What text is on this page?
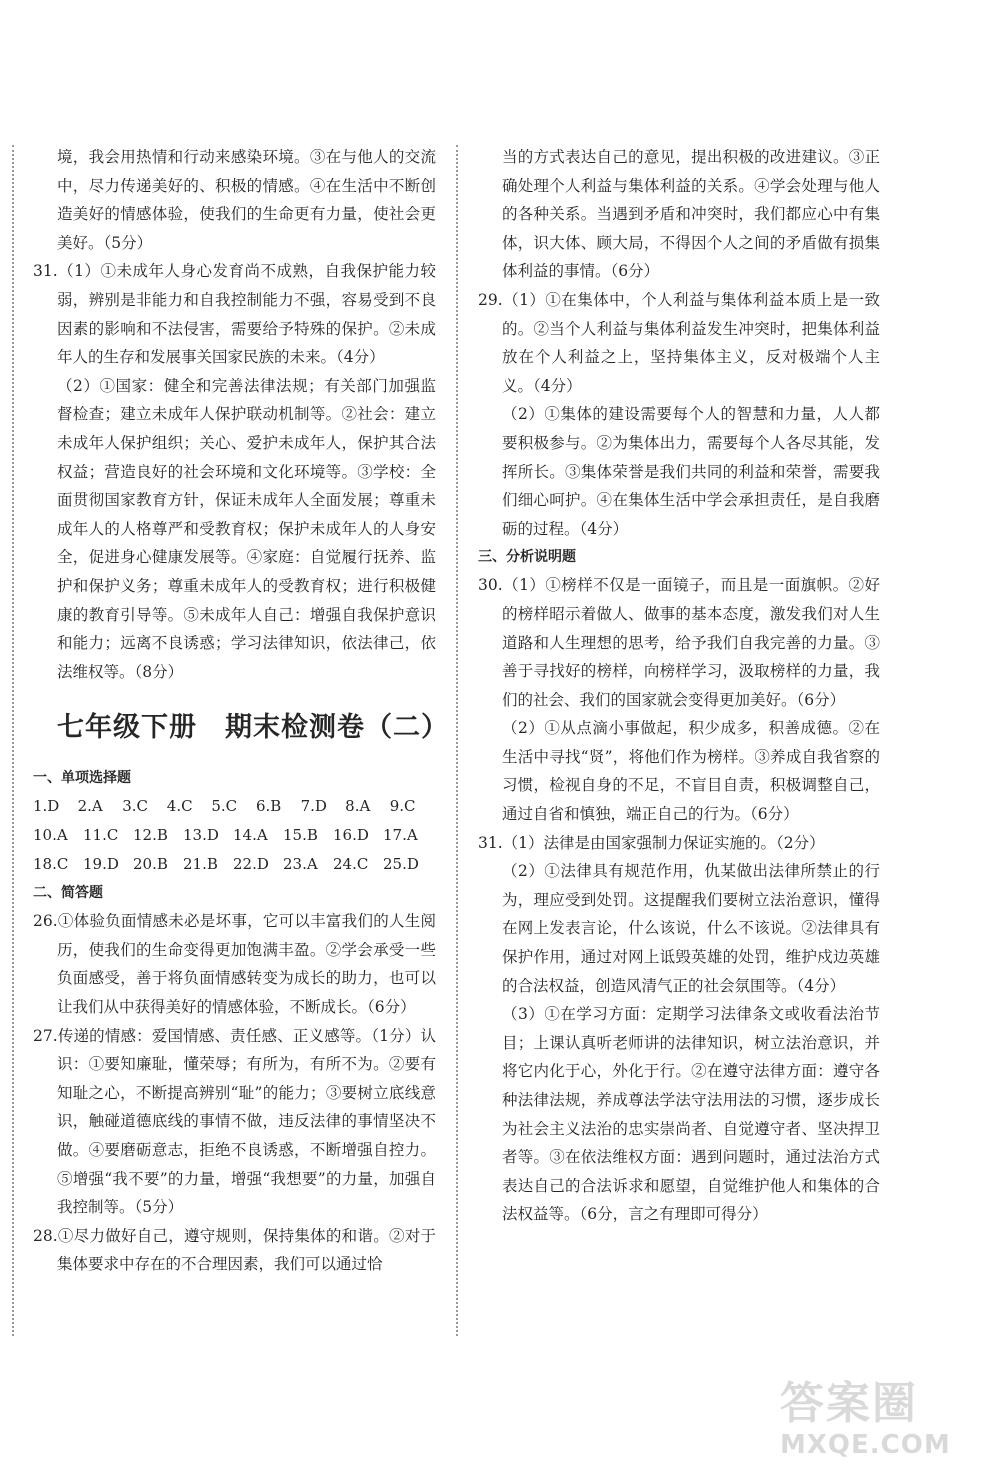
境，我会用热情和行动来感染环境。③在与他人的交流中，尽力传递美好的、积极的情感。④在生活中不断创造美好的情感体验，使我们的生命更有力量，使社会更美好。（5分）

31.（1）①未成年人身心发育尚不成熟，自我保护能力较弱，辨别是非能力和自我控制能力不强，容易受到不良因素的影响和不法侵害，需要给予特殊的保护。②未成年人的生存和发展事关国家民族的未来。（4分）

（2）①国家：健全和完善法律法规；有关部门加强监督检查；建立未成年人保护联动机制等。②社会：建立未成年人保护组织；关心、爱护未成年人，保护其合法权益；营造良好的社会环境和文化环境等。③学校：全面贯彻国家教育方针，保证未成年人全面发展；尊重未成年人的人格尊严和受教育权；保护未成年人的人身安全，促进身心健康发展等。④家庭：自觉履行抚养、监护和保护义务；尊重未成年人的受教育权；进行积极健康的教育引导等。⑤未成年人自己：增强自我保护意识和能力；远离不良诱惑；学习法律知识，依法律己，依法维权等。（8分）

七年级下册　期末检测卷（二）
一、单项选择题
1.D	2.A	3.C	4.C	5.C	6.B	7.D	8.A	9.C
10.A	11.C 12.B	13.D 14.A	15.B	16.D 17.A
18.C 19.D 20.B	21.B	22.D 23.A	24.C 25.D
二、简答题

26.①体验负面情感未必是坏事，它可以丰富我们的人生阅历，使我们的生命变得更加饱满丰盈。②学会承受一些负面感受，善于将负面情感转变为成长的助力，也可以让我们从中获得美好的情感体验，不断成长。（6分）

27.传递的情感：爱国情感、责任感、正义感等。（1分）认识：①要知廉耻，懂荣辱；有所为，有所不为。②要有知耻之心，不断提高辨别“耻”的能力；③要树立底线意识，触碰道德底线的事情不做，违反法律的事情坚决不做。④要磨砺意志，拒绝不良诱惑，不断增强自控力。⑤增强“我不要”的力量，增强“我想要”的力量，加强自我控制等。（5分）

28.①尽力做好自己，遵守规则，保持集体的和谐。②对于集体要求中存在的不合理因素，我们可以通过恰

当的方式表达自己的意见，提出积极的改进建议。③正确处理个人利益与集体利益的关系。④学会处理与他人的各种关系。当遇到矛盾和冲突时，我们都应心中有集体，识大体、顾大局，不得因个人之间的矛盾做有损集体利益的事情。（6分）

29.（1）①在集体中，个人利益与集体利益本质上是一致的。②当个人利益与集体利益发生冲突时，把集体利益放在个人利益之上，坚持集体主义，反对极端个人主义。（4分）

（2）①集体的建设需要每个人的智慧和力量，人人都要积极参与。②为集体出力，需要每个人各尽其能，发挥所长。③集体荣誉是我们共同的利益和荣誉，需要我们细心呵护。④在集体生活中学会承担责任，是自我磨砺的过程。（4分）

三、分析说明题

30.（1）①榜样不仅是一面镜子，而且是一面旗帜。②好的榜样昭示着做人、做事的基本态度，激发我们对人生道路和人生理想的思考，给予我们自我完善的力量。③善于寻找好的榜样，向榜样学习，汲取榜样的力量，我们的社会、我们的国家就会变得更加美好。（6分）

（2）①从点滴小事做起，积少成多，积善成德。②在生活中寻找“贤”，将他们作为榜样。③养成自我省察的习惯，检视自身的不足，不盲目自责，积极调整自己，通过自省和慎独，端正自己的行为。（6分）

31.（1）法律是由国家强制力保证实施的。（2分）

（2）①法律具有规范作用，仇某做出法律所禁止的行为，理应受到处罚。这提醒我们要树立法治意识，懂得在网上发表言论，什么该说，什么不该说。②法律具有保护作用，通过对网上诋毁英雄的处罚，维护戍边英雄的合法权益，创造风清气正的社会氛围等。（4分）

（3）①在学习方面：定期学习法律条文或收看法治节目；上课认真听老师讲的法律知识，树立法治意识，并将它内化于心，外化于行。②在遵守法律方面：遵守各种法律法规，养成尊法学法守法用法的习惯，逐步成长为社会主义法治的忠实崇尚者、自觉遵守者、坚决捍卫者等。③在依法维权方面：遇到问题时，通过法治方式表达自己的合法诉求和愿望，自觉维护他人和集体的合法权益等。（6分，言之有理即可得分）

答案圈
MXQE.COM
